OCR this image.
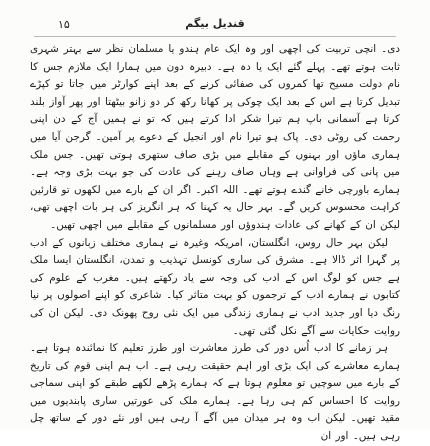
۱۵	قندیل بیگم

دی۔ انچی تربیت کی اچھی اور وہ ایک عام ہندو یا مسلمان نظر سے بہتر شہری ثابت ہوتے تھے۔ پہلے گئے ایک یا دہ ہے۔ دبیرہ دون میں ہمارا ایک ملازم جس کا نام دولت مسیح تھا کمروں کی صفائی کرنے کے بعد اپنے کوارٹر میں جاتا تو کپڑے تبدیل کرتا ہے اس کے بعد ایک چوکی پر کھانا رکھ کر دو زانو بیٹھتا اور پھر آواز بلند کرتا ہے آسمانی باپ ہم تیرا شکر ادا کرتے ہیں کہ تو نے ہمیں آج کے دن اپنی رحمت کی روٹی دی۔ پاک ہو تیرا نام اور انجیل کے دعوے پر آمین۔ گرجن آیا میں ہماری ماؤں اور بہنوں کے مقابلے میں بڑی صاف ستھری ہوتی تھیں۔ جس ملک میں پانی کی فراوانی ہے وہاں صاف رہنے کی عادت کی جو بہت بڑی وجہ ہے۔ ہمارے باورچی خانے گندے ہوتے تھے۔ اللہ اکبر۔ اگر ان کے بارے میں لکھوں تو قارئین کراہت محسوس کریں گے۔ بہر حال یہ کہنا کہ ہر انگریز کی ہر بات اچھی تھی، لیکن ان کے کھانے کی عادات ہندوؤں اور مسلمانوں کے مقابلے میں اچھی تھیں۔

لیکن بہر حال روس، انگلستان، امریکہ وغیرہ نے ہماری مختلف زبانوں کے ادب پر گہرا اثر ڈالا ہے۔ مشرق کی ساری کونسل تہذیب و تمدن، انگلستان ایسا ملک ہے جس کو لوگ اس کے ادب کی وجہ سے یاد رکھتے ہیں۔ مغرب کے علوم کی کتابوں نے ہمارے ادب کے ترجموں کو بہت متاثر کیا۔ شاعری کو اپنے اصولوں پر نیا رنگ دیا اور جدید ادب نے ہماری زندگی میں ایک نئی روح پھونک دی۔ لیکن ان کی روایت حکایات سے آگے نکل گئی تھی۔

ہر زمانے کا ادب اُس دور کی طرز معاشرت اور طرز تعلیم کا نمائندہ ہوتا ہے۔ ہمارے معاشرے کی ایک بڑی اور اہم حقیقت رہی ہے۔ اب ہم اپنی قوم کی تاریخ کے بارے میں سوچیں تو معلوم ہوتا ہے کہ ہمارے پڑھے لکھے طبقے کو اپنی سماجی روایت کا احساس کم ہی رہا ہے۔ ہمارے ملک کی عورتیں ساری پابندیوں میں مقید تھیں۔ لیکن اب وہ ہر میدان میں آگے آ رہی ہیں اور نئے دور کے ساتھ چل رہی ہیں۔ اور ان
